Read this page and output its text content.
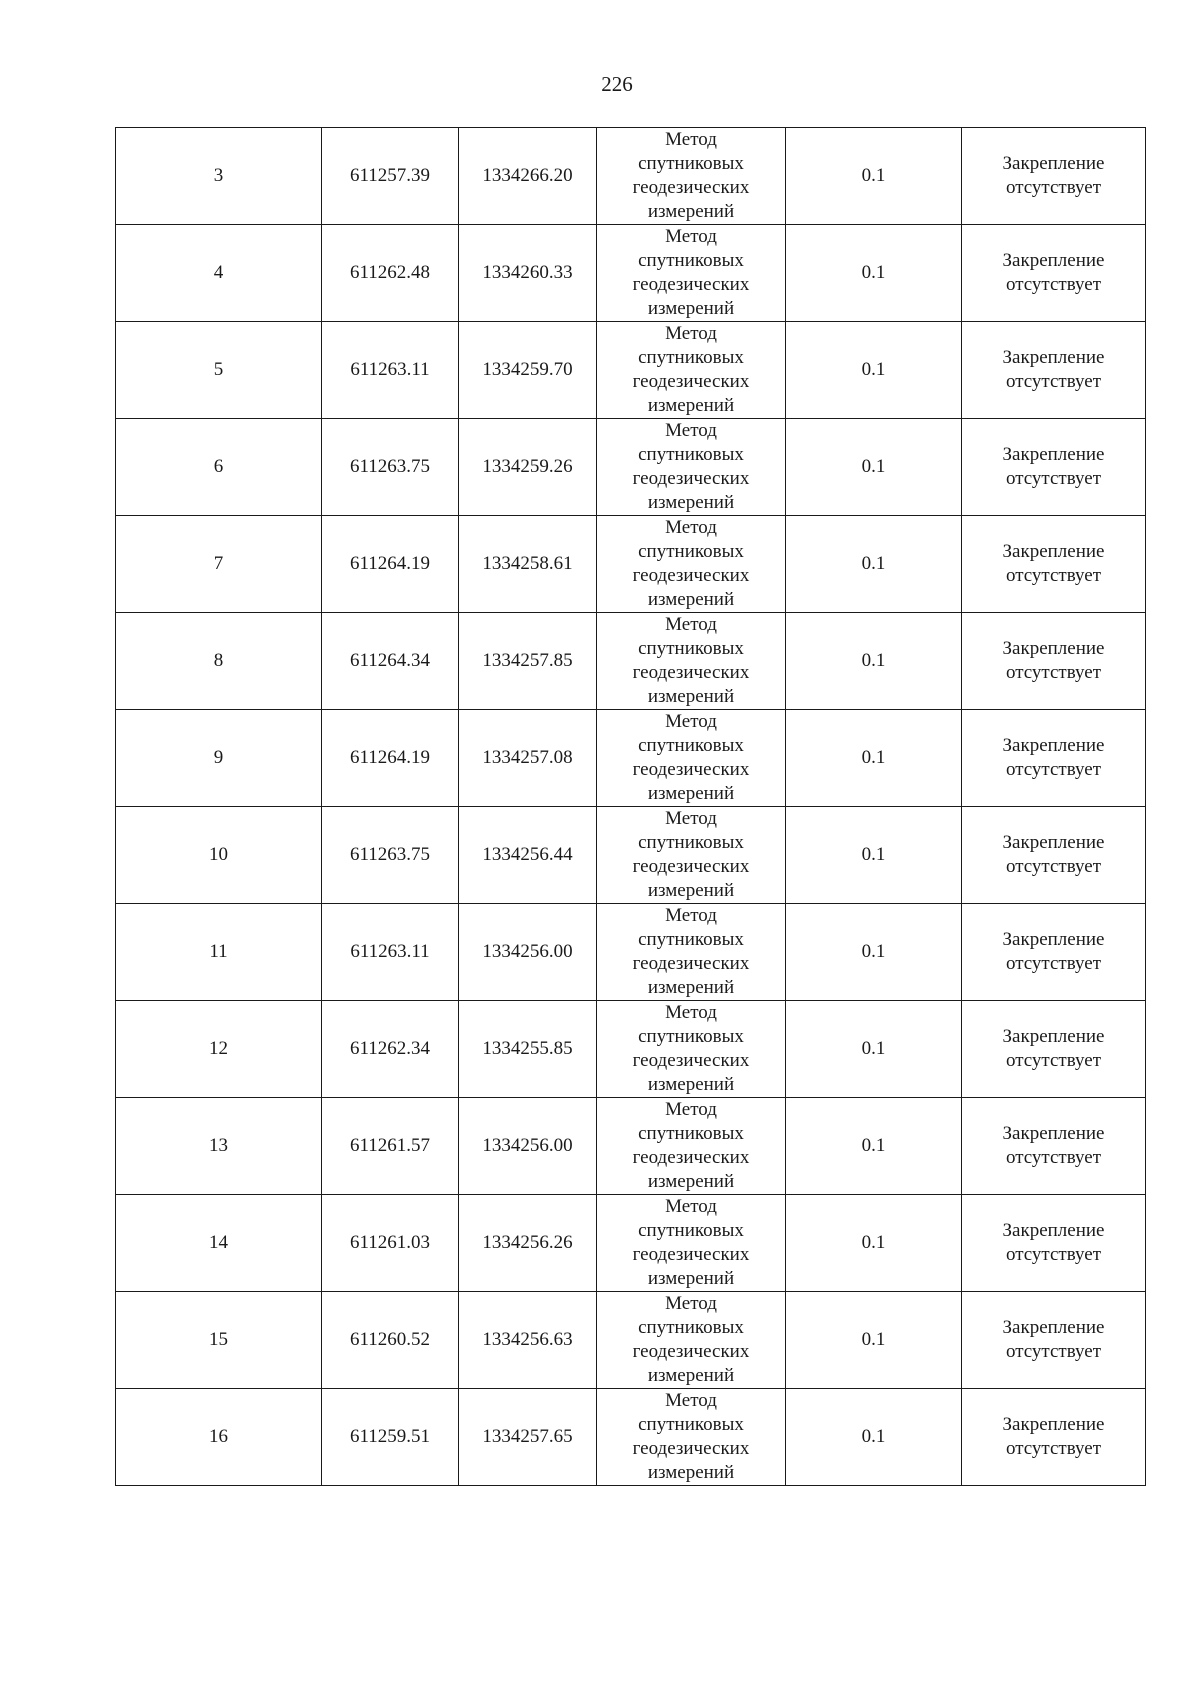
226
3	611257.39	1334266.20	Метод
спутниковых
геодезических
измерений	0.1	Закрепление
отсутствует

4	611262.48	1334260.33	Метод
спутниковых
геодезических
измерений	0.1	Закрепление
отсутствует

5	611263.11	1334259.70	Метод
спутниковых
геодезических
измерений	0.1	Закрепление
отсутствует

6	611263.75	1334259.26	Метод
спутниковых
геодезических
измерений	0.1	Закрепление
отсутствует

7	611264.19	1334258.61	Метод
спутниковых
геодезических
измерений	0.1	Закрепление
отсутствует

8	611264.34	1334257.85	Метод
спутниковых
геодезических
измерений	0.1	Закрепление
отсутствует

9	611264.19	1334257.08	Метод
спутниковых
геодезических
измерений	0.1	Закрепление
отсутствует

10	611263.75	1334256.44	Метод
спутниковых
геодезических
измерений	0.1	Закрепление
отсутствует

11	611263.11	1334256.00	Метод
спутниковых
геодезических
измерений	0.1	Закрепление
отсутствует

12	611262.34	1334255.85	Метод
спутниковых
геодезических
измерений	0.1	Закрепление
отсутствует

13	611261.57	1334256.00	Метод
спутниковых
геодезических
измерений	0.1	Закрепление
отсутствует

14	611261.03	1334256.26	Метод
спутниковых
геодезических
измерений	0.1	Закрепление
отсутствует

15	611260.52	1334256.63	Метод
спутниковых
геодезических
измерений	0.1	Закрепление
отсутствует

16	611259.51	1334257.65	Метод
спутниковых
геодезических
измерений	0.1	Закрепление
отсутствует
